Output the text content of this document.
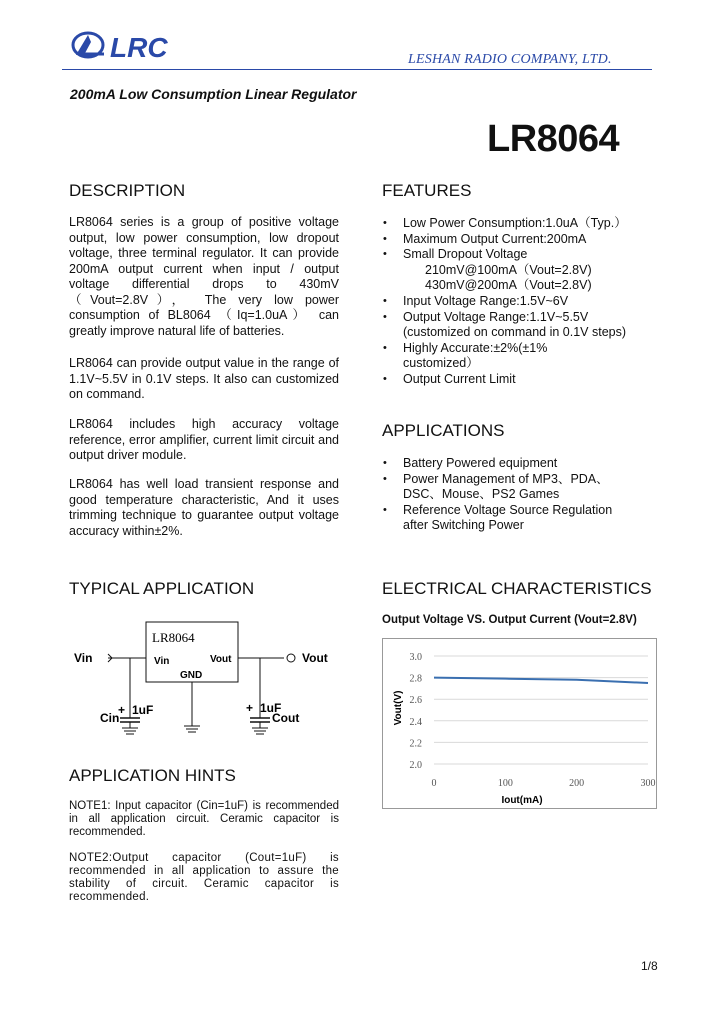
LRC	LESHAN RADIO COMPANY, LTD.
200mA Low Consumption Linear Regulator
LR8064
DESCRIPTION
LR8064 series is a group of positive voltage output, low power consumption, low dropout voltage, three terminal regulator. It can provide 200mA output current when input / output voltage differential drops to 430mV （Vout=2.8V）， The very low power consumption of BL8064 （Iq=1.0uA） can greatly improve natural life of batteries.
LR8064 can provide output value in the range of 1.1V~5.5V in 0.1V steps. It also can customized on command.
LR8064 includes high accuracy voltage reference, error amplifier, current limit circuit and output driver module.
LR8064 has well load transient response and good temperature characteristic, And it uses trimming technique to guarantee output voltage accuracy within±2%.
FEATURES
• Low Power Consumption:1.0uA（Typ.）
• Maximum Output Current:200mA
• Small Dropout Voltage
210mV@100mA（Vout=2.8V)
430mV@200mA（Vout=2.8V)
• Input Voltage Range:1.5V~6V
• Output Voltage Range:1.1V~5.5V
(customized on command in 0.1V steps)
• Highly Accurate:±2%(±1%
customized）
• Output Current Limit
APPLICATIONS
• Battery Powered equipment
• Power Management of MP3、PDA、
DSC、Mouse、PS2 Games
• Reference Voltage Source Regulation
after Switching Power
TYPICAL APPLICATION
LR8064
Vin	Vout
GND
Vin	Vout
+ 1uF
Cin
+ 1uF
Cout
APPLICATION HINTS
NOTE1: Input capacitor (Cin=1uF) is recommended in all application circuit. Ceramic capacitor is recommended.
NOTE2:Output capacitor (Cout=1uF) is recommended in all application to assure the stability of circuit. Ceramic capacitor is recommended.
ELECTRICAL CHARACTERISTICS
Output Voltage VS. Output Current (Vout=2.8V)
2.0
2.2
2.4
2.6
2.8
3.0
0	100	200	300
Iout(mA)
Vout(V)
1/8
